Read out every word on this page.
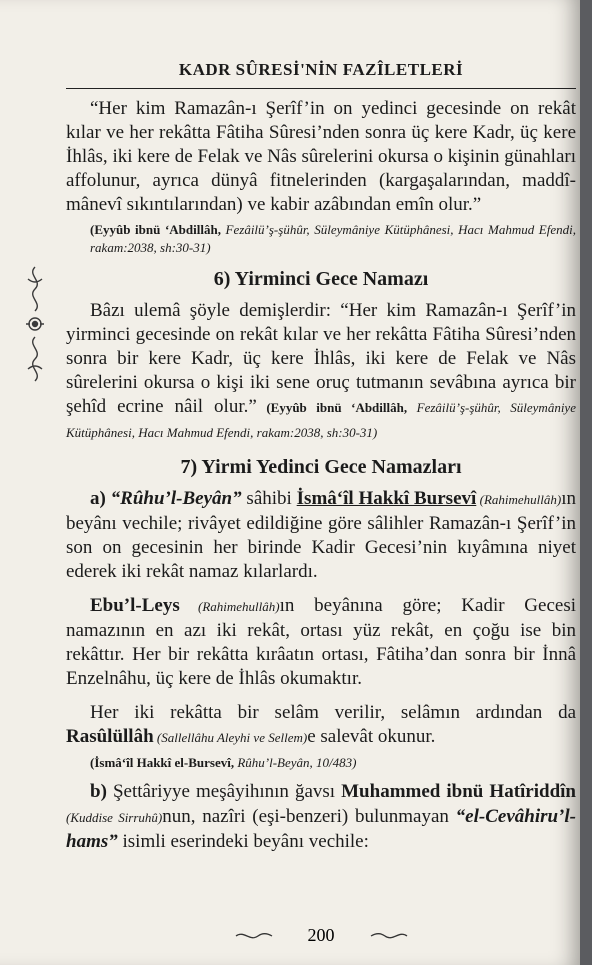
KADR SÛRESİ'NİN FAZÎLETLERİ

“Her kim Ramazân-ı Şerîf’in on yedinci gecesinde on rekât kılar ve her rekâtta Fâtiha Sûresi’nden sonra üç kere Kadr, üç kere İhlâs, iki kere de Felak ve Nâs sûrelerini okursa o kişinin günahları affolunur, ayrıca dünyâ fitnelerinden (kargaşalarından, maddî-mânevî sıkıntılarından) ve kabir azâbından emîn olur.”

(Eyyûb ibnü ‘Abdillâh, Fezâilü’ş-şühûr, Süleymâniye Kütüphânesi, Hacı Mahmud Efendi, rakam:2038, sh:30-31)

6) Yirminci Gece Namazı

Bâzı ulemâ şöyle demişlerdir: “Her kim Ramazân-ı Şerîf’in yirminci gecesinde on rekât kılar ve her rekâtta Fâtiha Sûresi’nden sonra bir kere Kadr, üç kere İhlâs, iki kere de Felak ve Nâs sûrelerini okursa o kişi iki sene oruç tutmanın sevâbına ayrıca bir şehîd ecrine nâil olur.” (Eyyûb ibnü ‘Abdillâh, Fezâilü’ş-şühûr, Süleymâniye Kütüphânesi, Hacı Mahmud Efendi, rakam:2038, sh:30-31)

7) Yirmi Yedinci Gece Namazları

a) “Rûhu’l-Beyân” sâhibi İsmâ‘îl Hakkî Bursevî (Rahimehullâh)ın beyânı vechile; rivâyet edildiğine göre sâlihler Ramazân-ı Şerîf’in son on gecesinin her birinde Kadir Gecesi’nin kıyâmına niyet ederek iki rekât namaz kılarlardı.

Ebu’l-Leys (Rahimehullâh)ın beyânına göre; Kadir Gecesi namazının en azı iki rekât, ortası yüz rekât, en çoğu ise bin rekâttır. Her bir rekâtta kırâatın ortası, Fâtiha’dan sonra bir İnnâ Enzelnâhu, üç kere de İhlâs okumaktır.

Her iki rekâtta bir selâm verilir, selâmın ardından da Rasûlüllâh (Sallellâhu Aleyhi ve Sellem)e salevât okunur.

(İsmâ‘îl Hakkî el-Bursevî, Rûhu’l-Beyân, 10/483)

b) Şettâriyye meşâyihının ğavsı Muhammed ibnü Hatîriddîn (Kuddise Sirruhû)nun, nazîri (eşi-benzeri) bulunmayan “el-Cevâhiru’l-hams” isimli eserindeki beyânı vechile:

200
